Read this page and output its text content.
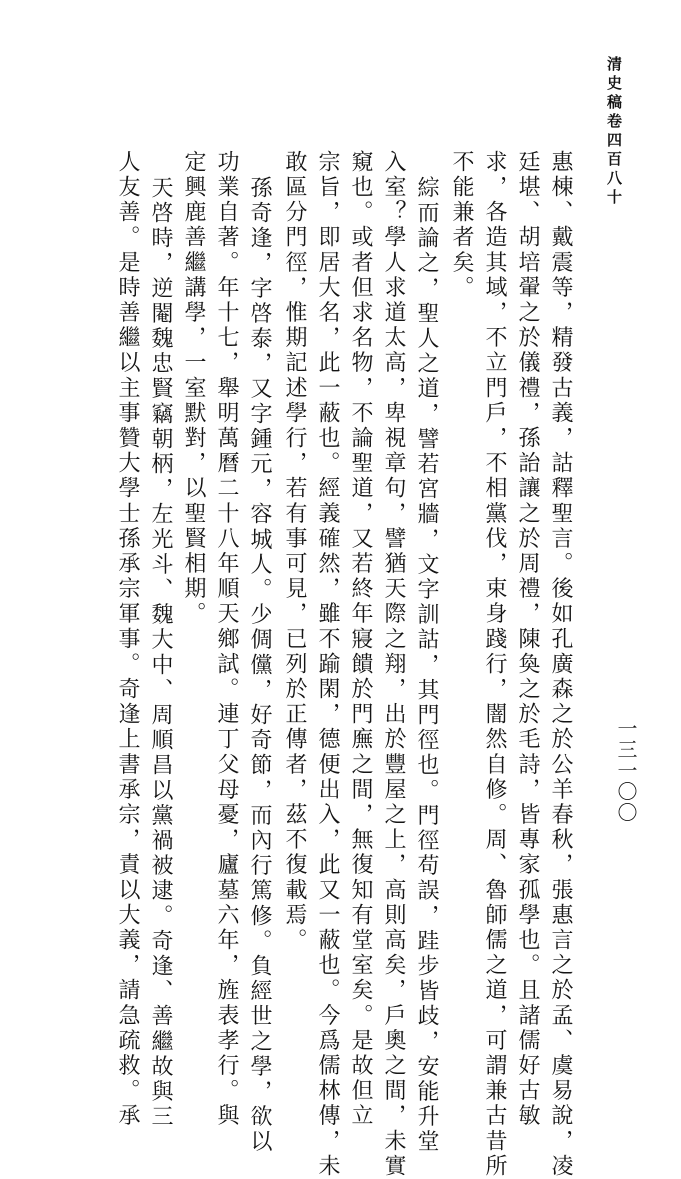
清史稿卷四百八十
一三一〇〇
惠棟、戴震等，精發古義，詁釋聖言。後如孔廣森之於公羊春秋，張惠言之於孟、虞易說，凌
廷堪、胡培翬之於儀禮，孫詒讓之於周禮，陳奐之於毛詩，皆專家孤學也。且諸儒好古敏
求，各造其域，不立門戶，不相黨伐，束身踐行，闇然自修。周、魯師儒之道，可謂兼古昔所
不能兼者矣。
綜而論之，聖人之道，譬若宮牆，文字訓詁，其門徑也。門徑苟誤，跬步皆歧，安能升堂
入室？學人求道太高，卑視章句，譬猶天際之翔，出於豐屋之上，高則高矣，戶奧之間，未實
窺也。或者但求名物，不論聖道，又若終年寢饋於門廡之間，無復知有堂室矣。是故但立
宗旨，即居大名，此一蔽也。經義確然，雖不踰閑，德便出入，此又一蔽也。今爲儒林傳，未
敢區分門徑，惟期記述學行，若有事可見，已列於正傳者，茲不復載焉。
孫奇逢，字啓泰，又字鍾元，容城人。少倜儻，好奇節，而內行篤修。負經世之學，欲以
功業自著。年十七，舉明萬曆二十八年順天鄉試。連丁父母憂，廬墓六年，旌表孝行。與
定興鹿善繼講學，一室默對，以聖賢相期。
天啓時，逆閹魏忠賢竊朝柄，左光斗、魏大中、周順昌以黨禍被逮。奇逢、善繼故與三
人友善。是時善繼以主事贊大學士孫承宗軍事。奇逢上書承宗，責以大義，請急疏救。承
